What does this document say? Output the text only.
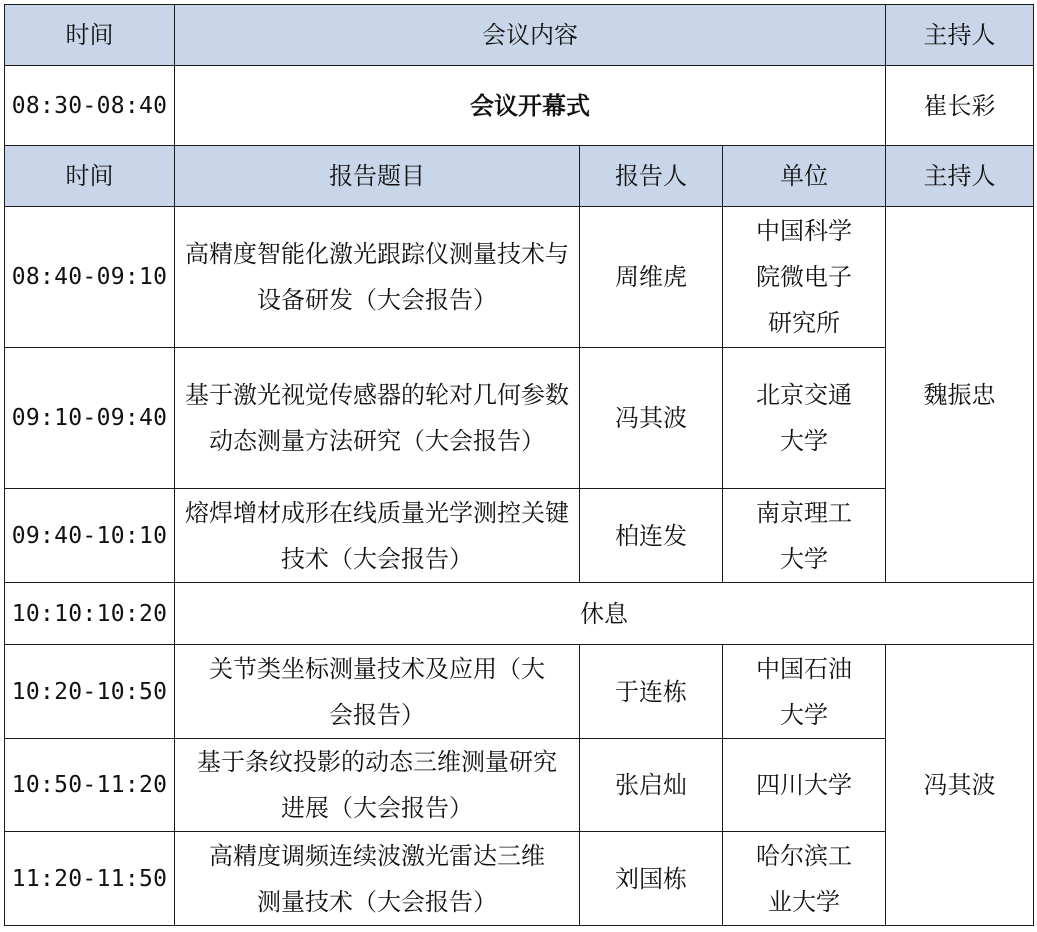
时间	会议内容			主持人
08:30-08:40	会议开幕式			崔长彩
时间	报告题目	报告人	单位	主持人
08:40-09:10	高精度智能化激光跟踪仪测量技术与设备研发（大会报告）	周维虎	中国科学院微电子研究所	魏振忠
09:10-09:40	基于激光视觉传感器的轮对几何参数动态测量方法研究（大会报告）	冯其波	北京交通大学	
09:40-10:10	熔焊增材成形在线质量光学测控关键技术（大会报告）	柏连发	南京理工大学	
10:10:10:20	休息			
10:20-10:50	关节类坐标测量技术及应用（大会报告）	于连栋	中国石油大学	冯其波
10:50-11:20	基于条纹投影的动态三维测量研究进展（大会报告）	张启灿	四川大学	
11:20-11:50	高精度调频连续波激光雷达三维测量技术（大会报告）	刘国栋	哈尔滨工业大学	
